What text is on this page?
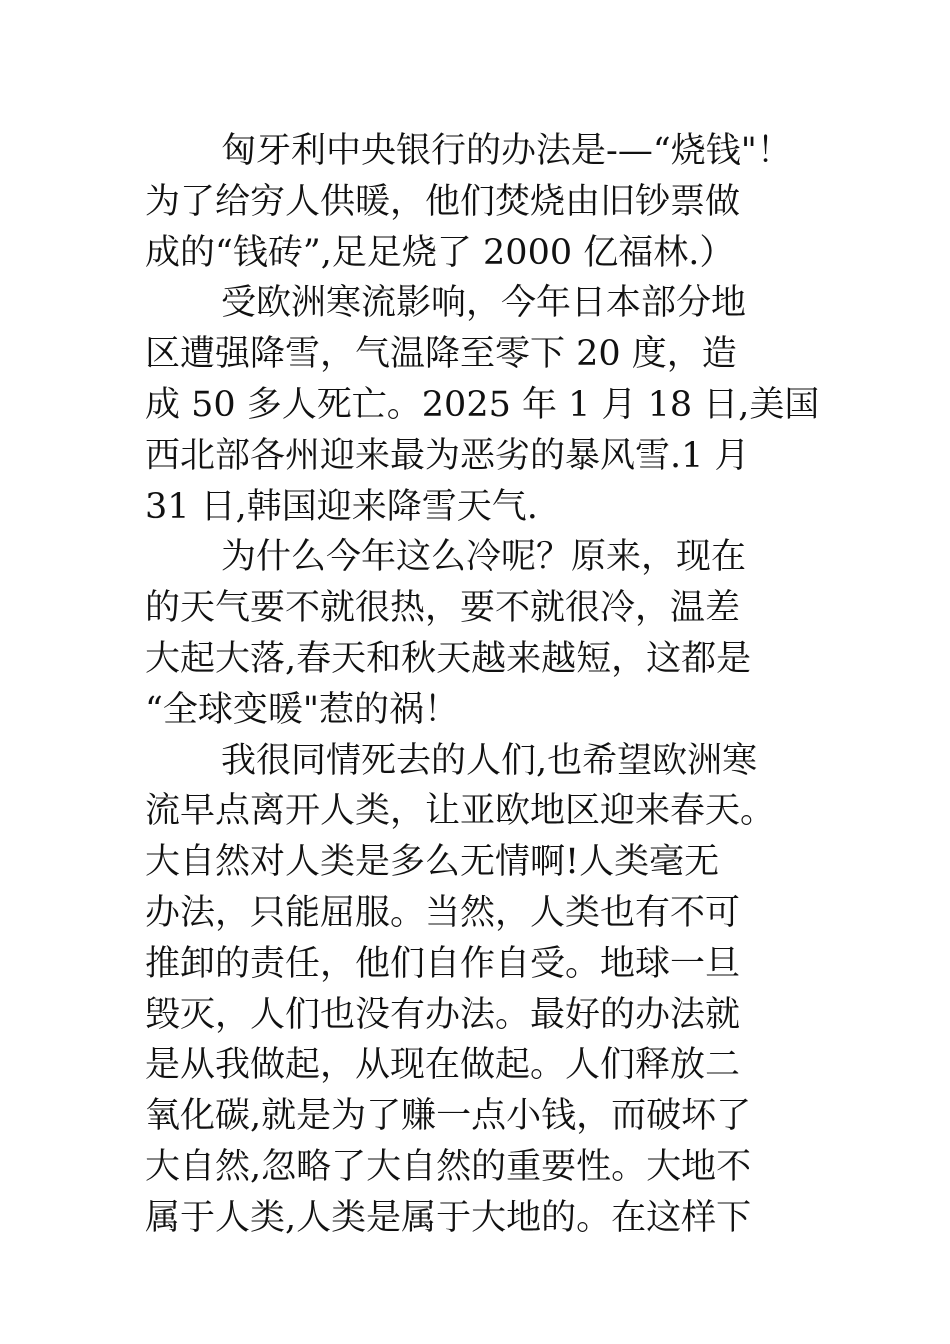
匈牙利中央银行的办法是-—“烧钱"！
为了给穷人供暖，他们焚烧由旧钞票做
成的“钱砖”,足足烧了 2000 亿福林.）
受欧洲寒流影响，今年日本部分地
区遭强降雪，气温降至零下 20 度，造
成 50 多人死亡。2025 年 1 月 18 日,美国
西北部各州迎来最为恶劣的暴风雪.1 月
31 日,韩国迎来降雪天气.
为什么今年这么冷呢？原来，现在
的天气要不就很热，要不就很冷，温差
大起大落,春天和秋天越来越短，这都是
“全球变暖"惹的祸！
我很同情死去的人们,也希望欧洲寒
流早点离开人类，让亚欧地区迎来春天。
大自然对人类是多么无情啊!人类毫无
办法，只能屈服。当然，人类也有不可
推卸的责任，他们自作自受。地球一旦
毁灭，人们也没有办法。最好的办法就
是从我做起，从现在做起。人们释放二
氧化碳,就是为了赚一点小钱，而破坏了
大自然,忽略了大自然的重要性。大地不
属于人类,人类是属于大地的。在这样下
